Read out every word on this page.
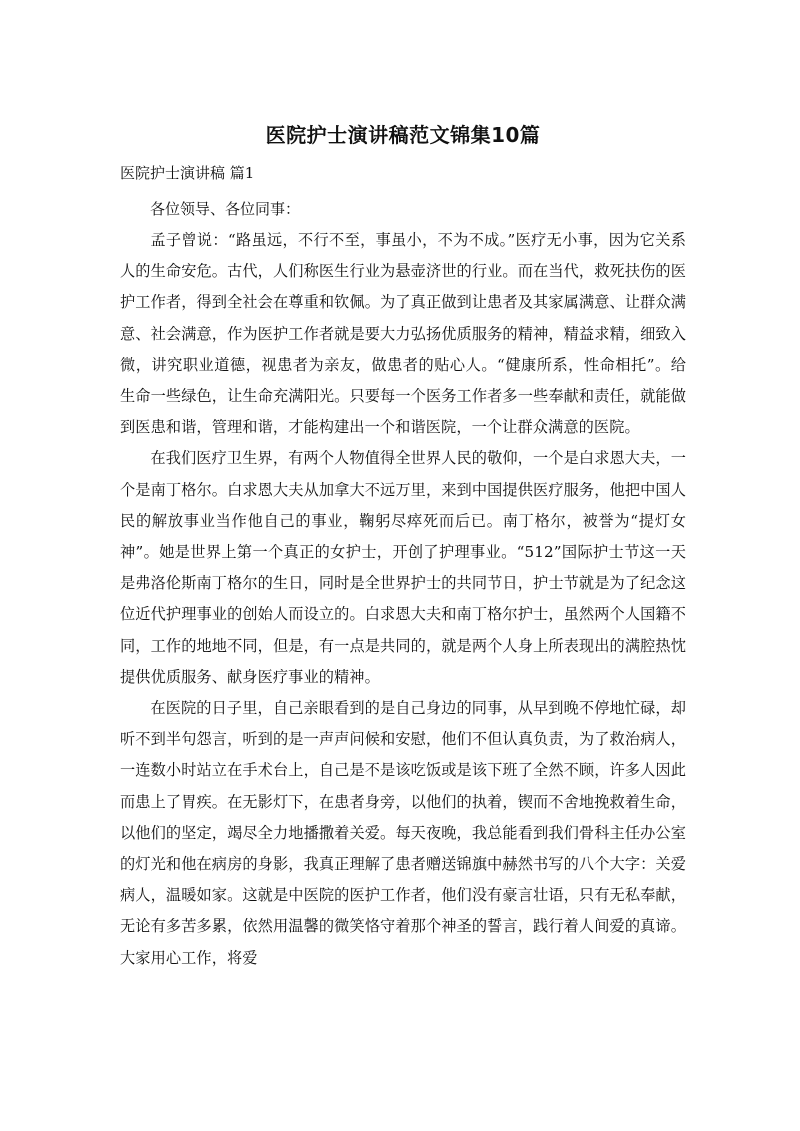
医院护士演讲稿范文锦集10篇
医院护士演讲稿 篇1

各位领导、各位同事：

孟子曾说：“路虽远，不行不至，事虽小，不为不成。”医疗无小事，因为它关系人的生命安危。古代，人们称医生行业为悬壶济世的行业。而在当代，救死扶伤的医护工作者，得到全社会在尊重和钦佩。为了真正做到让患者及其家属满意、让群众满意、社会满意，作为医护工作者就是要大力弘扬优质服务的精神，精益求精，细致入微，讲究职业道德，视患者为亲友，做患者的贴心人。“健康所系，性命相托”。给生命一些绿色，让生命充满阳光。只要每一个医务工作者多一些奉献和责任，就能做到医患和谐，管理和谐，才能构建出一个和谐医院，一个让群众满意的医院。

在我们医疗卫生界，有两个人物值得全世界人民的敬仰，一个是白求恩大夫，一个是南丁格尔。白求恩大夫从加拿大不远万里，来到中国提供医疗服务，他把中国人民的解放事业当作他自己的事业，鞠躬尽瘁死而后已。南丁格尔，被誉为“提灯女神”。她是世界上第一个真正的女护士，开创了护理事业。“512”国际护士节这一天是弗洛伦斯南丁格尔的生日，同时是全世界护士的共同节日，护士节就是为了纪念这位近代护理事业的创始人而设立的。白求恩大夫和南丁格尔护士，虽然两个人国籍不同，工作的地地不同，但是，有一点是共同的，就是两个人身上所表现出的满腔热忱提供优质服务、献身医疗事业的精神。

在医院的日子里，自己亲眼看到的是自己身边的同事，从早到晚不停地忙碌，却听不到半句怨言，听到的是一声声问候和安慰，他们不但认真负责，为了救治病人，一连数小时站立在手术台上，自己是不是该吃饭或是该下班了全然不顾，许多人因此而患上了胃疾。在无影灯下，在患者身旁，以他们的执着，锲而不舍地挽救着生命，以他们的坚定，竭尽全力地播撒着关爱。每天夜晚，我总能看到我们骨科主任办公室的灯光和他在病房的身影，我真正理解了患者赠送锦旗中赫然书写的八个大字：关爱病人，温暖如家。这就是中医院的医护工作者，他们没有豪言壮语，只有无私奉献，无论有多苦多累，依然用温馨的微笑恪守着那个神圣的誓言，践行着人间爱的真谛。大家用心工作，将爱
